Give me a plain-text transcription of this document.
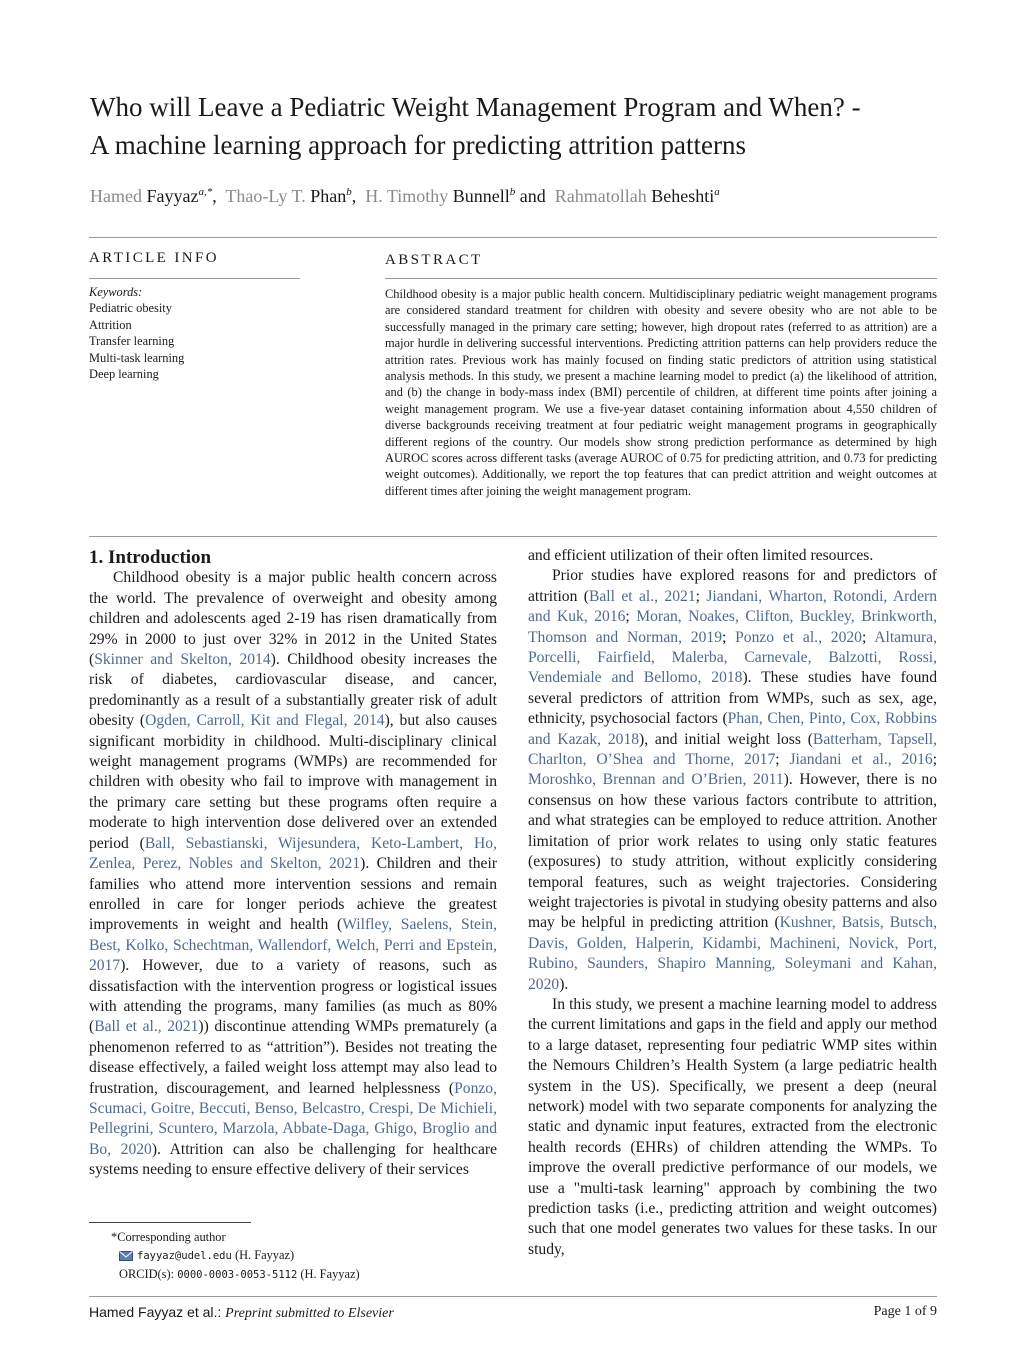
Who will Leave a Pediatric Weight Management Program and When? -
A machine learning approach for predicting attrition patterns
Hamed Fayyaz$^{a,*}$,  Thao-Ly T. Phan$^b$,  H. Timothy Bunnell$^b$ and Rahmatollah Beheshti$^a$
ARTICLE INFO	ABSTRACT
Keywords:
Pediatric obesity
Attrition
Transfer learning
Multi-task learning
Deep learning

Childhood obesity is a major public health concern. Multidisciplinary pediatric weight management programs are considered standard treatment for children with obesity and severe obesity who are not able to be successfully managed in the primary care setting; however, high dropout rates (referred to as attrition) are a major hurdle in delivering successful interventions. Predicting attrition patterns can help providers reduce the attrition rates. Previous work has mainly focused on finding static predictors of attrition using statistical analysis methods. In this study, we present a machine learning model to predict (a) the likelihood of attrition, and (b) the change in body-mass index (BMI) percentile of children, at different time points after joining a weight management program. We use a five-year dataset containing information about 4,550 children of diverse backgrounds receiving treatment at four pediatric weight management programs in geographically different regions of the country. Our models show strong prediction performance as determined by high AUROC scores across different tasks (average AUROC of 0.75 for predicting attrition, and 0.73 for predicting weight outcomes). Additionally, we report the top features that can predict attrition and weight outcomes at different times after joining the weight management program.

1. Introduction

Childhood obesity is a major public health concern across the world. The prevalence of overweight and obesity among children and adolescents aged 2-19 has risen dramatically from 29% in 2000 to just over 32% in 2012 in the United States (Skinner and Skelton, 2014). Childhood obesity increases the risk of diabetes, cardiovascular disease, and cancer, predominantly as a result of a substantially greater risk of adult obesity (Ogden, Carroll, Kit and Flegal, 2014), but also causes significant morbidity in childhood. Multi-disciplinary clinical weight management programs (WMPs) are recommended for children with obesity who fail to improve with management in the primary care setting but these programs often require a moderate to high intervention dose delivered over an extended period (Ball, Sebastianski, Wijesundera, Keto-Lambert, Ho, Zenlea, Perez, Nobles and Skelton, 2021). Children and their families who attend more intervention sessions and remain enrolled in care for longer periods achieve the greatest improvements in weight and health (Wilfley, Saelens, Stein, Best, Kolko, Schechtman, Wallendorf, Welch, Perri and Epstein, 2017). However, due to a variety of reasons, such as dissatisfaction with the intervention progress or logistical issues with attending the programs, many families (as much as 80% (Ball et al., 2021)) discontinue attending WMPs prematurely (a phenomenon referred to as “attrition”). Besides not treating the disease effectively, a failed weight loss attempt may also lead to frustration, discouragement, and learned helplessness (Ponzo, Scumaci, Goitre, Beccuti, Benso, Belcastro, Crespi, De Michieli, Pellegrini, Scuntero, Marzola, Abbate-Daga, Ghigo, Broglio and Bo, 2020). Attrition can also be challenging for healthcare systems needing to ensure effective delivery of their services

and efficient utilization of their often limited resources.

Prior studies have explored reasons for and predictors of attrition (Ball et al., 2021; Jiandani, Wharton, Rotondi, Ardern and Kuk, 2016; Moran, Noakes, Clifton, Buckley, Brinkworth, Thomson and Norman, 2019; Ponzo et al., 2020; Altamura, Porcelli, Fairfield, Malerba, Carnevale, Balzotti, Rossi, Vendemiale and Bellomo, 2018). These studies have found several predictors of attrition from WMPs, such as sex, age, ethnicity, psychosocial factors (Phan, Chen, Pinto, Cox, Robbins and Kazak, 2018), and initial weight loss (Batterham, Tapsell, Charlton, O’Shea and Thorne, 2017; Jiandani et al., 2016; Moroshko, Brennan and O’Brien, 2011). However, there is no consensus on how these various factors contribute to attrition, and what strategies can be employed to reduce attrition. Another limitation of prior work relates to using only static features (exposures) to study attrition, without explicitly considering temporal features, such as weight trajectories. Considering weight trajectories is pivotal in studying obesity patterns and also may be helpful in predicting attrition (Kushner, Batsis, Butsch, Davis, Golden, Halperin, Kidambi, Machineni, Novick, Port, Rubino, Saunders, Shapiro Manning, Soleymani and Kahan, 2020).

In this study, we present a machine learning model to address the current limitations and gaps in the field and apply our method to a large dataset, representing four pediatric WMP sites within the Nemours Children’s Health System (a large pediatric health system in the US). Specifically, we present a deep (neural network) model with two separate components for analyzing the static and dynamic input features, extracted from the electronic health records (EHRs) of children attending the WMPs. To improve the overall predictive performance of our models, we use a "multi-task learning" approach by combining the two prediction tasks (i.e., predicting attrition and weight outcomes) such that one model generates two values for these tasks. In our study,

*Corresponding author
fayyaz@udel.edu (H. Fayyaz)
ORCID(s): 0000-0003-0053-5112 (H. Fayyaz)
Hamed Fayyaz et al.: Preprint submitted to Elsevier	Page 1 of 9
